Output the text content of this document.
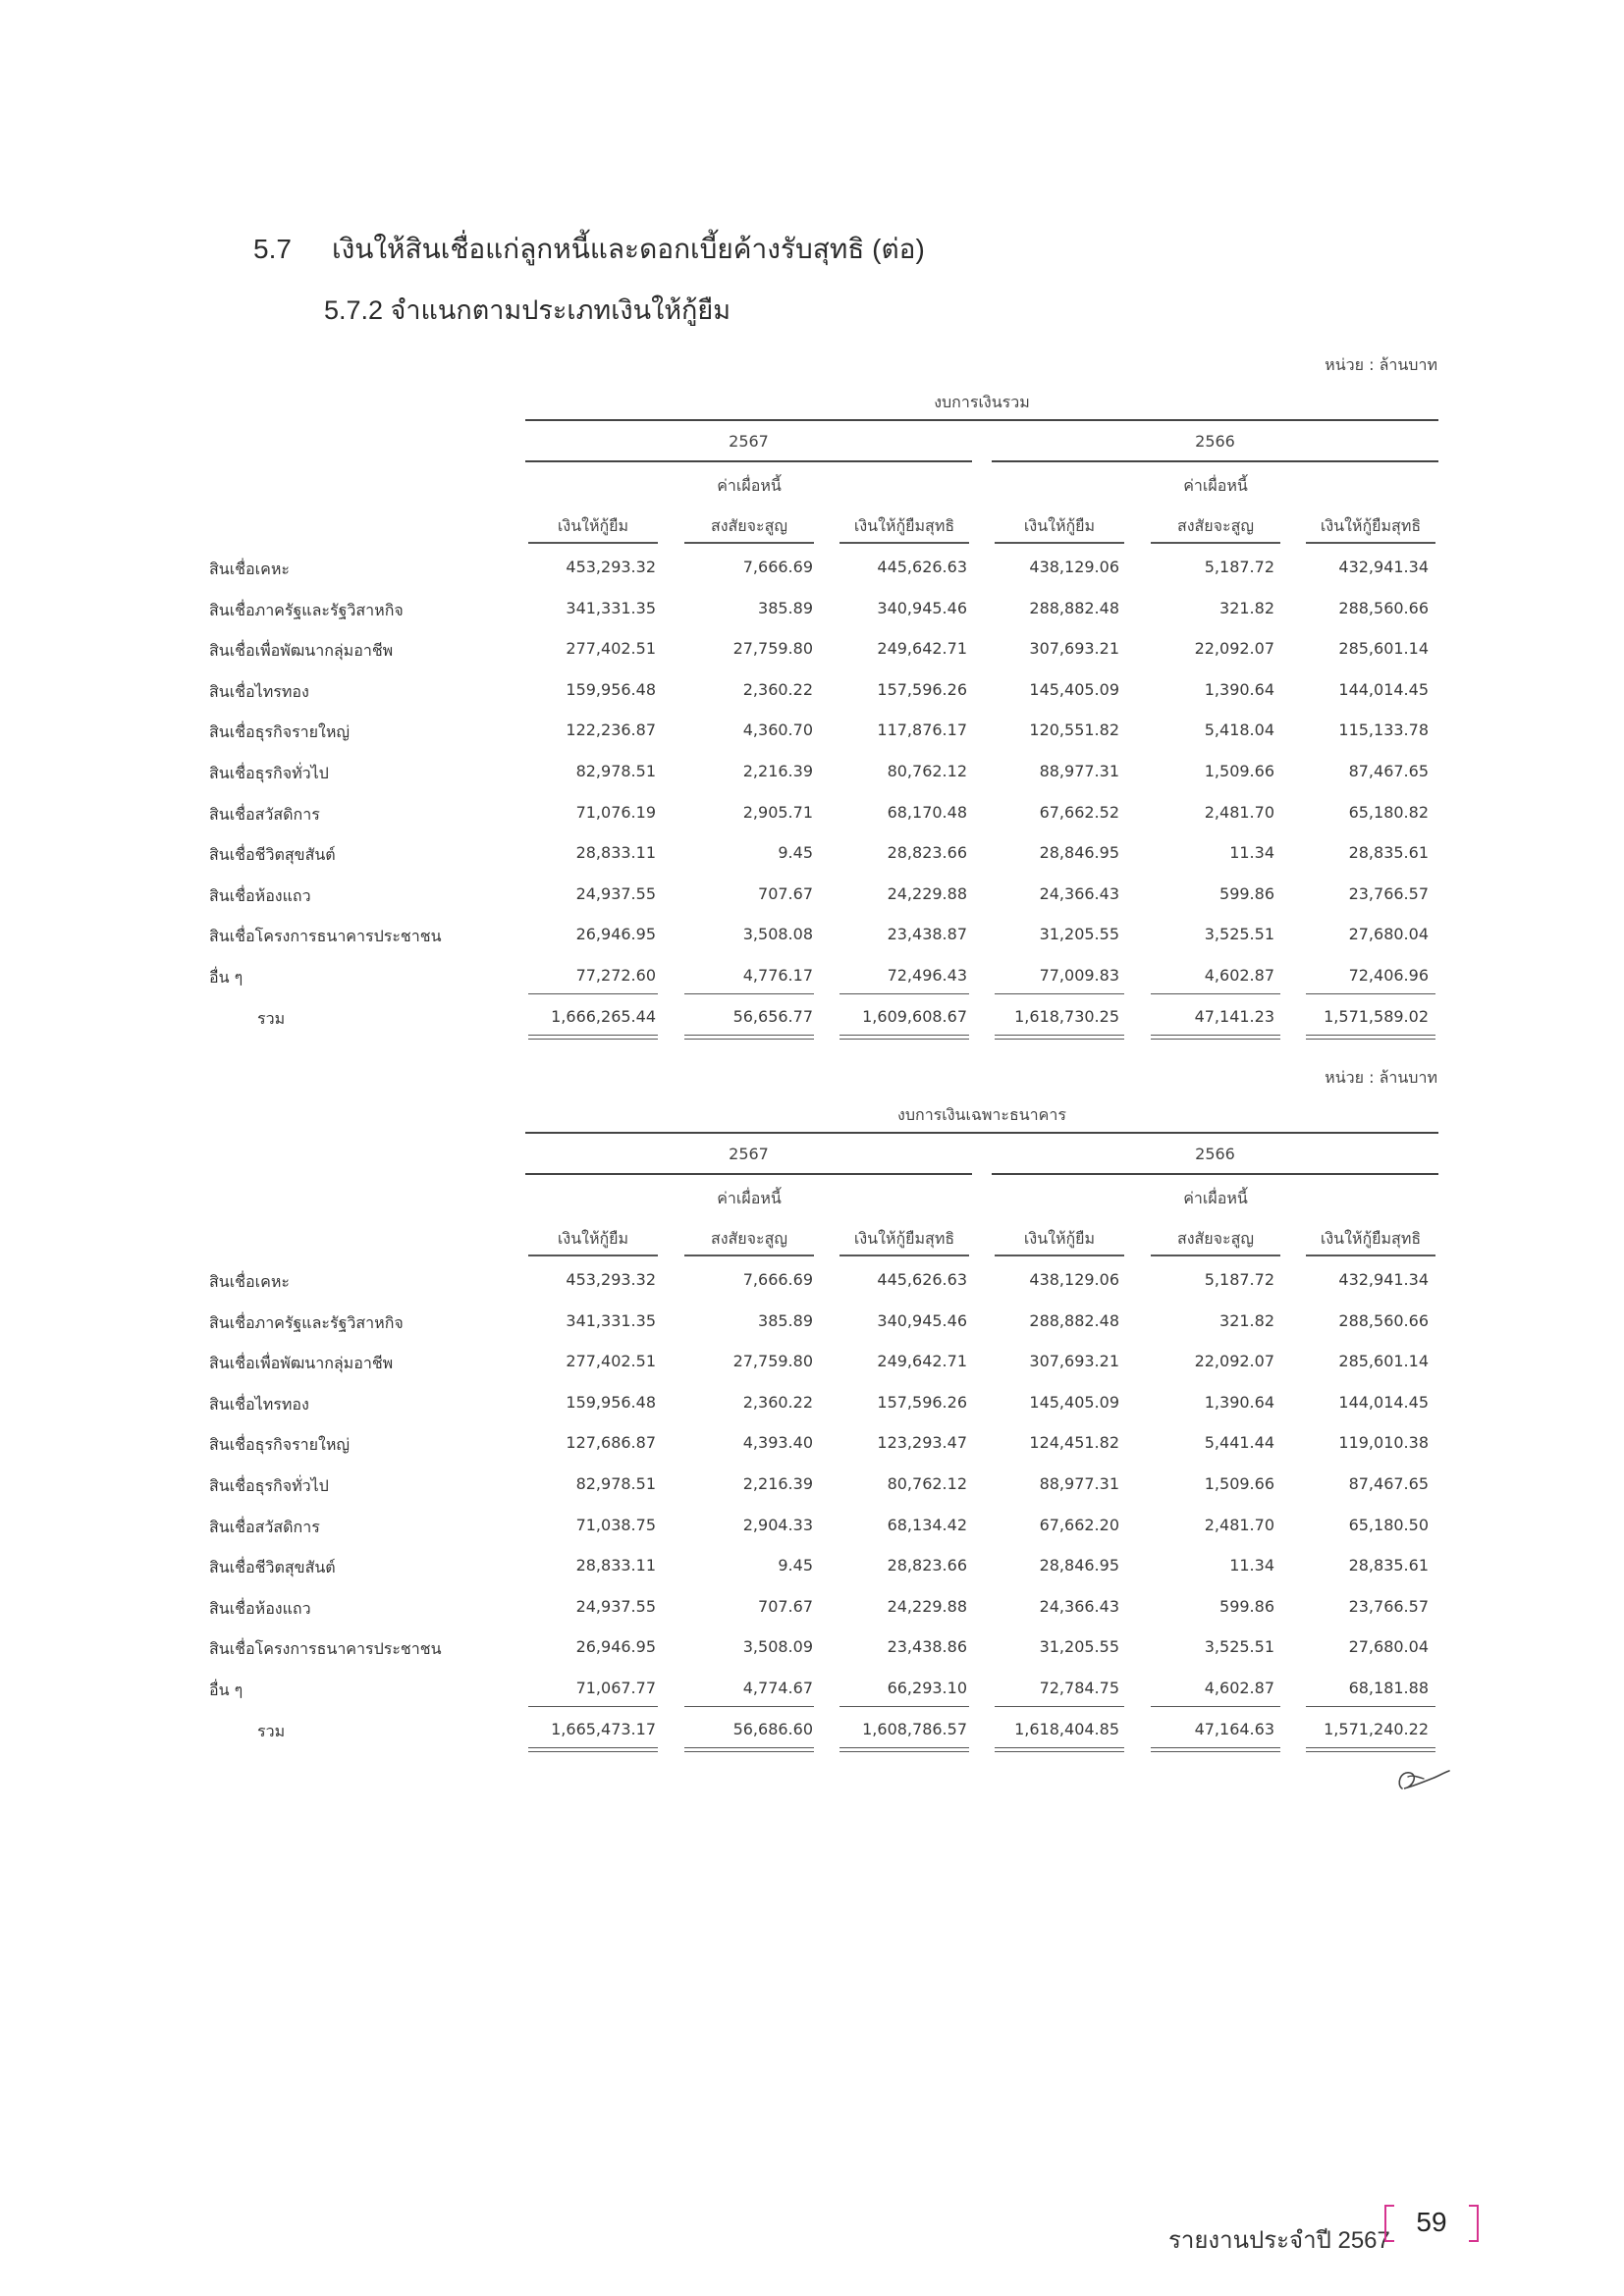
5.7 เงินให้สินเชื่อแก่ลูกหนี้และดอกเบี้ยค้างรับสุทธิ (ต่อ)
5.7.2 จำแนกตามประเภทเงินให้กู้ยืม
หน่วย : ล้านบาท
งบการเงินรวม
2567	2566
ค่าเผื่อหนี้	ค่าเผื่อหนี้
เงินให้กู้ยืม	สงสัยจะสูญ	เงินให้กู้ยืมสุทธิ	เงินให้กู้ยืม	สงสัยจะสูญ	เงินให้กู้ยืมสุทธิ
สินเชื่อเคหะ	453,293.32	7,666.69	445,626.63	438,129.06	5,187.72	432,941.34
สินเชื่อภาครัฐและรัฐวิสาหกิจ	341,331.35	385.89	340,945.46	288,882.48	321.82	288,560.66
สินเชื่อเพื่อพัฒนากลุ่มอาชีพ	277,402.51	27,759.80	249,642.71	307,693.21	22,092.07	285,601.14
สินเชื่อไทรทอง	159,956.48	2,360.22	157,596.26	145,405.09	1,390.64	144,014.45
สินเชื่อธุรกิจรายใหญ่	122,236.87	4,360.70	117,876.17	120,551.82	5,418.04	115,133.78
สินเชื่อธุรกิจทั่วไป	82,978.51	2,216.39	80,762.12	88,977.31	1,509.66	87,467.65
สินเชื่อสวัสดิการ	71,076.19	2,905.71	68,170.48	67,662.52	2,481.70	65,180.82
สินเชื่อชีวิตสุขสันต์	28,833.11	9.45	28,823.66	28,846.95	11.34	28,835.61
สินเชื่อห้องแถว	24,937.55	707.67	24,229.88	24,366.43	599.86	23,766.57
สินเชื่อโครงการธนาคารประชาชน	26,946.95	3,508.08	23,438.87	31,205.55	3,525.51	27,680.04
อื่น ๆ	77,272.60	4,776.17	72,496.43	77,009.83	4,602.87	72,406.96
รวม	1,666,265.44	56,656.77	1,609,608.67	1,618,730.25	47,141.23	1,571,589.02
หน่วย : ล้านบาท
งบการเงินเฉพาะธนาคาร
2567	2566
ค่าเผื่อหนี้	ค่าเผื่อหนี้
เงินให้กู้ยืม	สงสัยจะสูญ	เงินให้กู้ยืมสุทธิ	เงินให้กู้ยืม	สงสัยจะสูญ	เงินให้กู้ยืมสุทธิ
สินเชื่อเคหะ	453,293.32	7,666.69	445,626.63	438,129.06	5,187.72	432,941.34
สินเชื่อภาครัฐและรัฐวิสาหกิจ	341,331.35	385.89	340,945.46	288,882.48	321.82	288,560.66
สินเชื่อเพื่อพัฒนากลุ่มอาชีพ	277,402.51	27,759.80	249,642.71	307,693.21	22,092.07	285,601.14
สินเชื่อไทรทอง	159,956.48	2,360.22	157,596.26	145,405.09	1,390.64	144,014.45
สินเชื่อธุรกิจรายใหญ่	127,686.87	4,393.40	123,293.47	124,451.82	5,441.44	119,010.38
สินเชื่อธุรกิจทั่วไป	82,978.51	2,216.39	80,762.12	88,977.31	1,509.66	87,467.65
สินเชื่อสวัสดิการ	71,038.75	2,904.33	68,134.42	67,662.20	2,481.70	65,180.50
สินเชื่อชีวิตสุขสันต์	28,833.11	9.45	28,823.66	28,846.95	11.34	28,835.61
สินเชื่อห้องแถว	24,937.55	707.67	24,229.88	24,366.43	599.86	23,766.57
สินเชื่อโครงการธนาคารประชาชน	26,946.95	3,508.09	23,438.86	31,205.55	3,525.51	27,680.04
อื่น ๆ	71,067.77	4,774.67	66,293.10	72,784.75	4,602.87	68,181.88
รวม	1,665,473.17	56,686.60	1,608,786.57	1,618,404.85	47,164.63	1,571,240.22
รายงานประจำปี 2567
59
